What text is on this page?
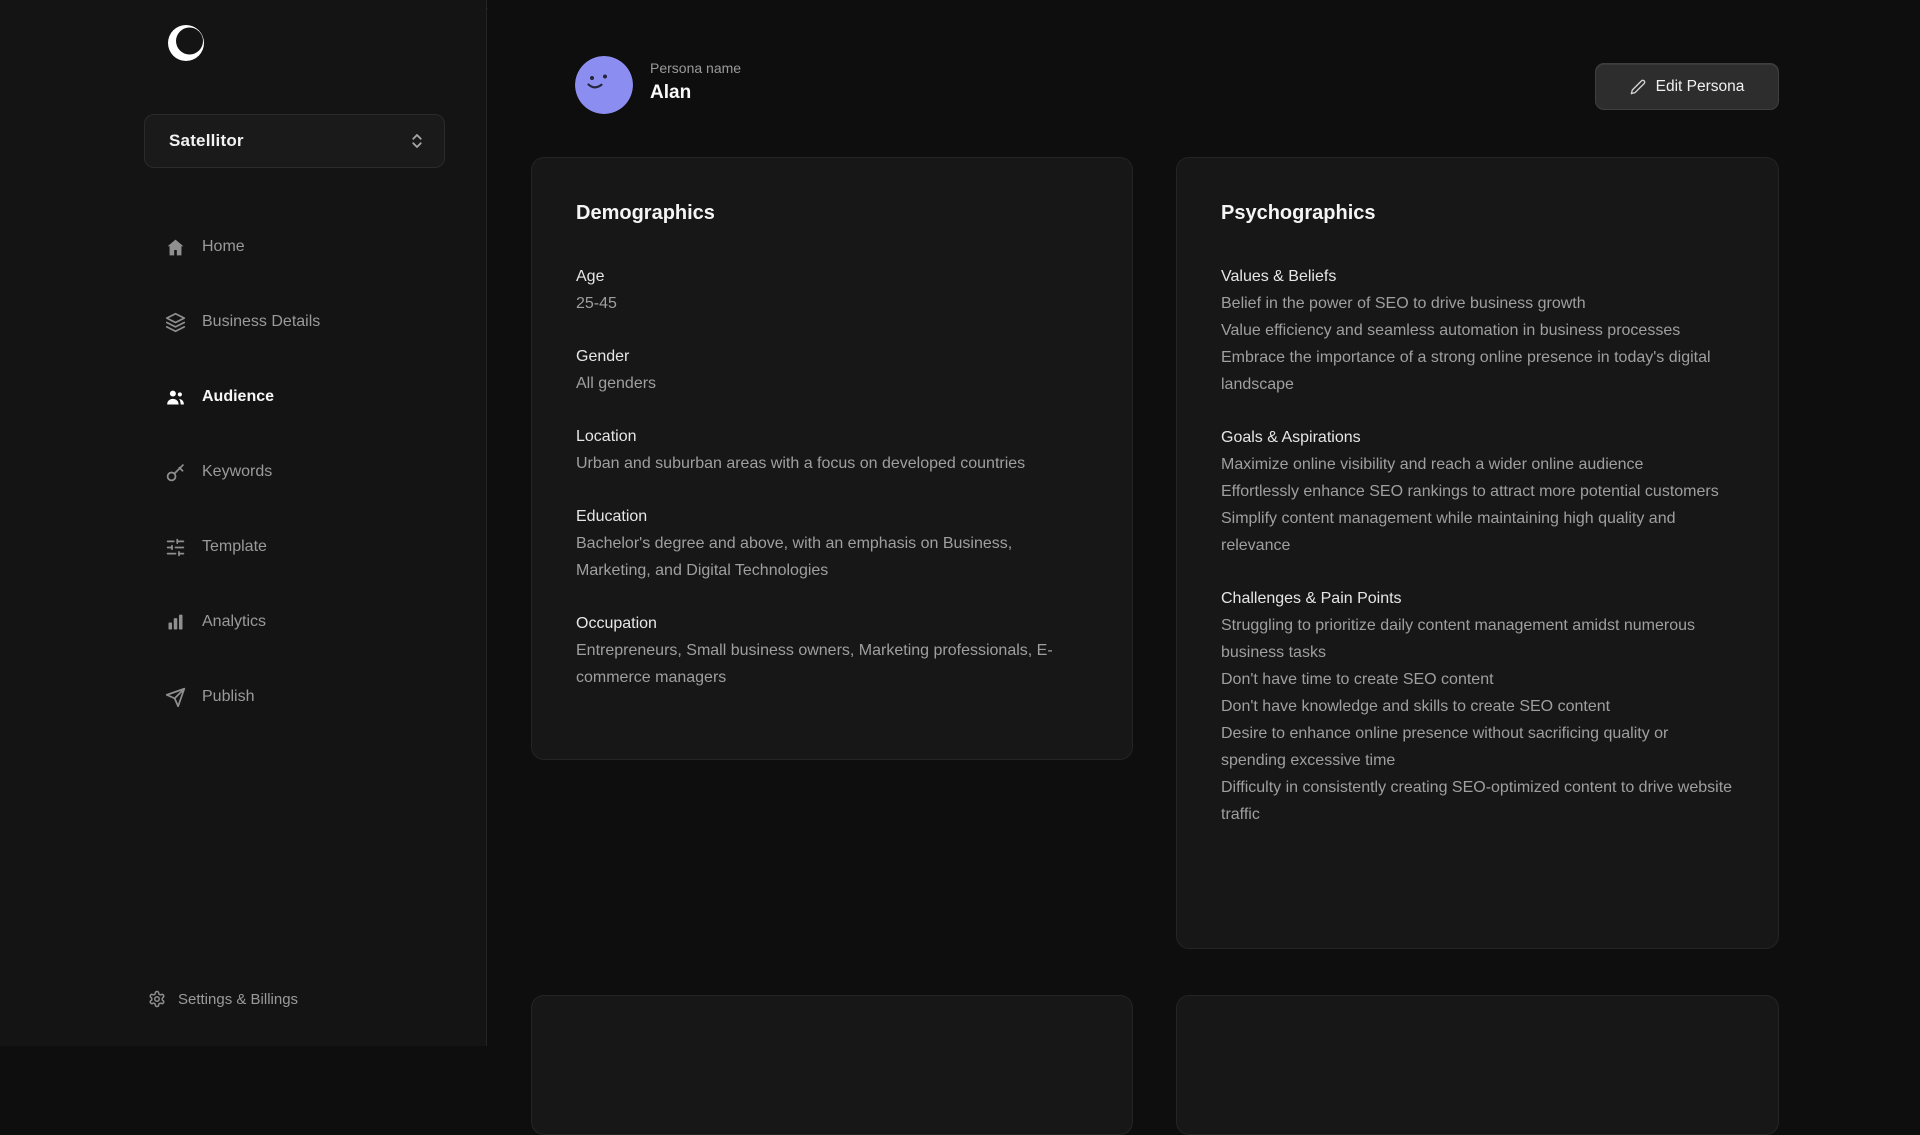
Satellitor
Home
Business Details
Audience
Keywords
Template
Analytics
Publish
Settings & Billings
Persona name
Alan	Edit Persona
Demographics
Age
25-45
Gender
All genders
Location
Urban and suburban areas with a focus on developed countries
Education
Bachelor's degree and above, with an emphasis on Business, Marketing, and Digital Technologies
Occupation
Entrepreneurs, Small business owners, Marketing professionals, E-commerce managers
Psychographics
Values & Beliefs
Belief in the power of SEO to drive business growth
Value efficiency and seamless automation in business processes
Embrace the importance of a strong online presence in today's digital landscape
Goals & Aspirations
Maximize online visibility and reach a wider online audience
Effortlessly enhance SEO rankings to attract more potential customers
Simplify content management while maintaining high quality and relevance
Challenges & Pain Points
Struggling to prioritize daily content management amidst numerous business tasks
Don't have time to create SEO content
Don't have knowledge and skills to create SEO content
Desire to enhance online presence without sacrificing quality or spending excessive time
Difficulty in consistently creating SEO-optimized content to drive website traffic
